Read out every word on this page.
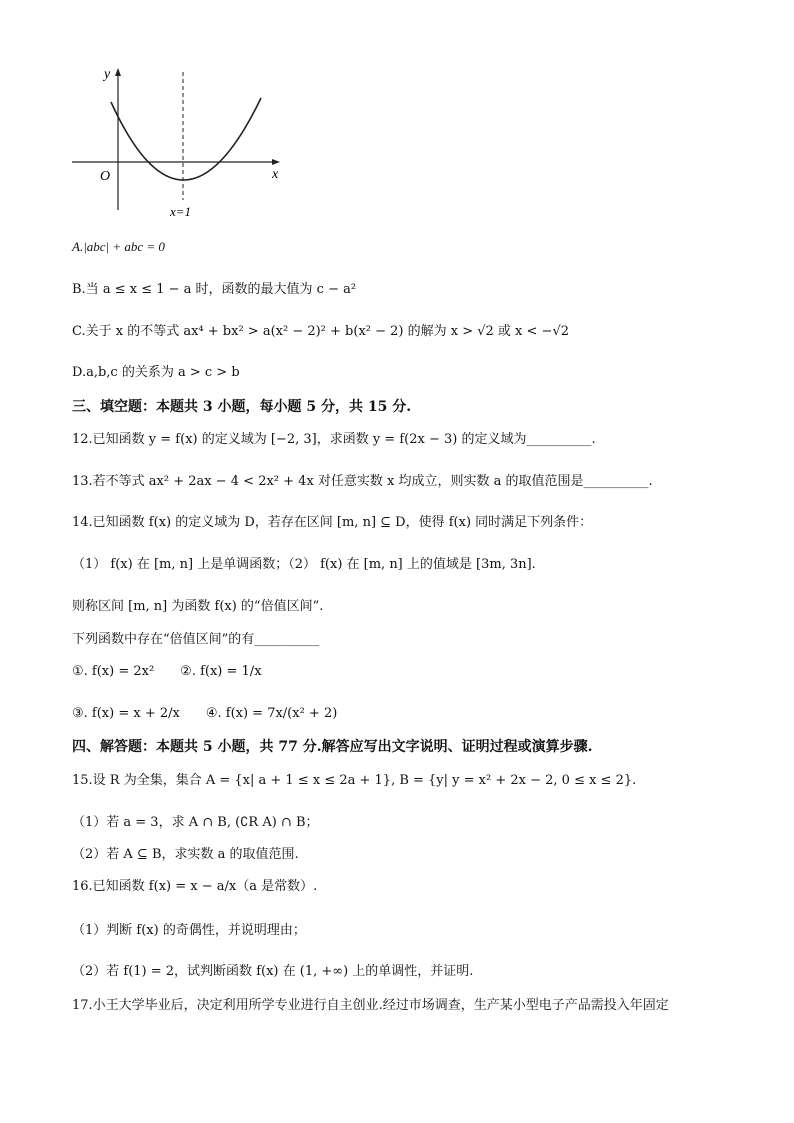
y
x
O
x=1
A.|abc| + abc = 0
B.当 a ≤ x ≤ 1 − a 时，函数的最大值为 c − a²
C.关于 x 的不等式 ax⁴ + bx² > a(x² − 2)² + b(x² − 2) 的解为 x > √2 或 x < −√2
D.a,b,c 的关系为 a > c > b
三、填空题：本题共 3 小题，每小题 5 分，共 15 分.
12.已知函数 y = f(x) 的定义域为 [−2, 3]，求函数 y = f(2x − 3) 的定义域为__________.
13.若不等式 ax² + 2ax − 4 < 2x² + 4x 对任意实数 x 均成立，则实数 a 的取值范围是__________.
14.已知函数 f(x) 的定义域为 D，若存在区间 [m, n] ⊆ D，使得 f(x) 同时满足下列条件：
（1） f(x) 在 [m, n] 上是单调函数；（2） f(x) 在 [m, n] 上的值域是 [3m, 3n].
则称区间 [m, n] 为函数 f(x) 的“倍值区间”.
下列函数中存在“倍值区间”的有__________
①. f(x) = 2x²　　②. f(x) = 1/x
③. f(x) = x + 2/x　　④. f(x) = 7x/(x² + 2)
四、解答题：本题共 5 小题，共 77 分.解答应写出文字说明、证明过程或演算步骤.
15.设 R 为全集，集合 A = {x| a + 1 ≤ x ≤ 2a + 1}, B = {y| y = x² + 2x − 2, 0 ≤ x ≤ 2}.
（1）若 a = 3，求 A ∩ B, (∁R A) ∩ B；
（2）若 A ⊆ B，求实数 a 的取值范围.
16.已知函数 f(x) = x − a/x（a 是常数）.
（1）判断 f(x) 的奇偶性，并说明理由；
（2）若 f(1) = 2，试判断函数 f(x) 在 (1, +∞) 上的单调性，并证明.
17.小王大学毕业后，决定利用所学专业进行自主创业.经过市场调查，生产某小型电子产品需投入年固定
